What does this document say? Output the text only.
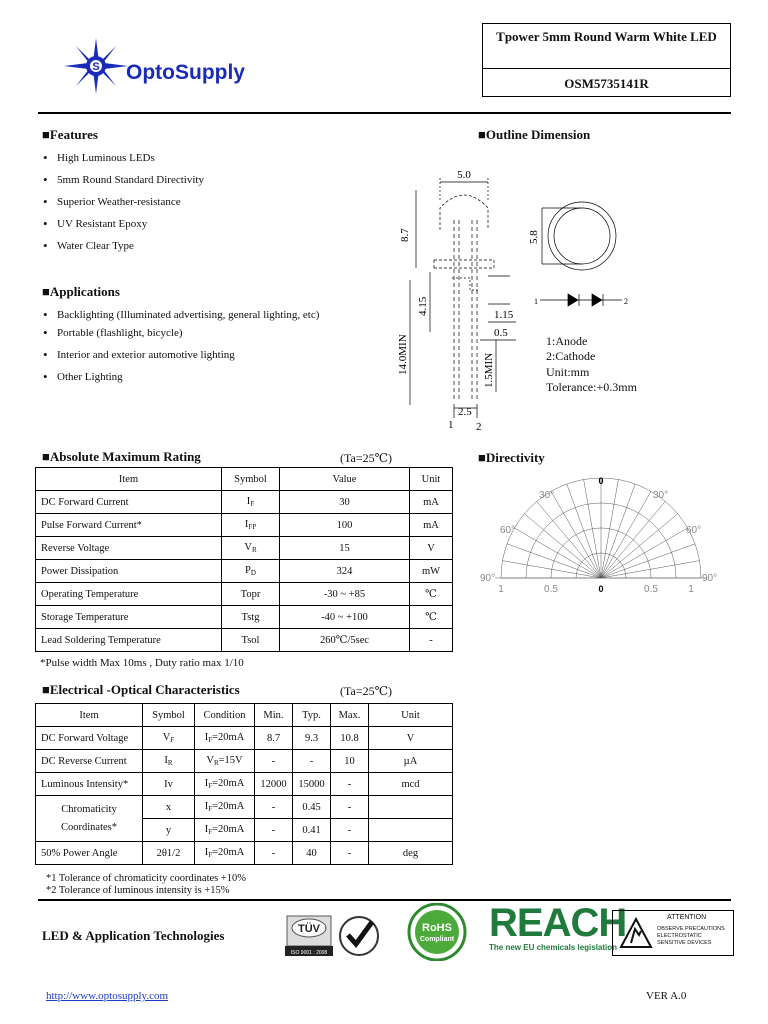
S OptoSupply
Tpower 5mm Round Warm White LED
OSM5735141R
■Features
• High Luminous LEDs
• 5mm Round Standard Directivity
• Superior Weather-resistance
• UV Resistant Epoxy
• Water Clear Type
■Applications
• Backlighting (Illuminated advertising, general lighting, etc)
• Portable (flashlight, bicycle)
• Interior and exterior automotive lighting
• Other Lighting
■Outline Dimension
5.0
8.7
4.15	1.15
0.5
14.0MIN	1.5MIN
2.5
1 2
5.8
1	2
1:Anode
2:Cathode
Unit:mm
Tolerance:+0.3mm
■Absolute Maximum Rating	(Ta=25℃)
Item	Symbol	Value	Unit
DC Forward Current	$I_F$	30	mA
Pulse Forward Current*	$I_{FP}$	100	mA
Reverse Voltage	$V_R$	15	V
Power Dissipation	$P_D$	324	mW
Operating Temperature	Topr	-30 ~ +85	℃
Storage Temperature	Tstg	-40 ~ +100	℃
Lead Soldering Temperature	Tsol	260℃/5sec	-
*Pulse width Max 10ms , Duty ratio max 1/10
■Directivity
0
30°	30°
60°	60°
90°	90°
1	0.5	0	0.5	1
■Electrical -Optical Characteristics	(Ta=25℃)
Item	Symbol	Condition	Min.	Typ.	Max.	Unit
DC Forward Voltage	$V_F$	$I_F=20mA$	8.7	9.3	10.8	V
DC Reverse Current	$I_R$	$V_R=15V$	-	-	10	µA
Luminous Intensity*	Iv	$I_F=20mA$	12000	15000	-	mcd
Chromaticity Coordinates*	x	$I_F=20mA$	-	0.45	-	
	y	$I_F=20mA$	-	0.41	-	
50% Power Angle	2θ1/2	$I_F=20mA$	-	40	-	deg
*1 Tolerance of chromaticity coordinates +10%
*2 Tolerance of luminous intensity is +15%
LED & Application Technologies	TÜV
ISO 9001 : 2008
RoHS
Compliant REACH
The new EU chemicals legislation
ATTENTION
OBSERVE PRECAUTIONS
ELECTROSTATIC
SENSITIVE DEVICES
http://www.optosupply.com	VER A.0
